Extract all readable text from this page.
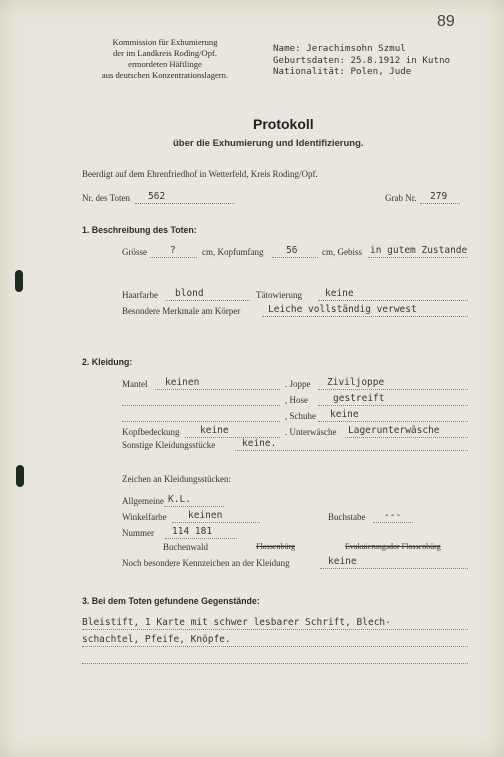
89
Kommission für Exhumierung
der im Landkreis Roding/Opf.
ermordeten Häftlinge
aus deutschen Konzentrationslagern.
Name: Jerachimsohn Szmul
Geburtsdaten: 25.8.1912 in Kutno
Nationalität: Polen, Jude
Protokoll
über die Exhumierung und Identifizierung.
Beerdigt auf dem Ehrenfriedhof in Wetterfeld, Kreis Roding/Opf.
Nr. des Toten 562	Grab Nr. 279
1. Beschreibung des Toten:
Grösse ?	cm, Kopfumfang 56	cm, Gebiss in gutem Zustande
Haarfarbe blond	Tätowierung keine
Besondere Merkmale am Körper	Leiche vollständig verwest
2. Kleidung:
Mantel keinen	. Joppe Ziviljoppe
, Hose	gestreift
, Schuhe keine
Kopfbedeckung keine	. Unterwäsche Lagerunterwäsche
Sonstige Kleidungsstücke	keine.
Zeichen an Kleidungsstücken:
Allgemeine K.L.
Winkelfarbe keinen	Buchstabe ---
Nummer 114 181
Buchenwald	Flossenbürg	Evakuierungsdor Flossenbürg
Noch besondere Kennzeichen an der Kleidung	keine
3. Bei dem Toten gefundene Gegenstände:
Bleistift, 1 Karte mit schwer lesbarer Schrift, Blech-
schachtel, Pfeife, Knöpfe.
